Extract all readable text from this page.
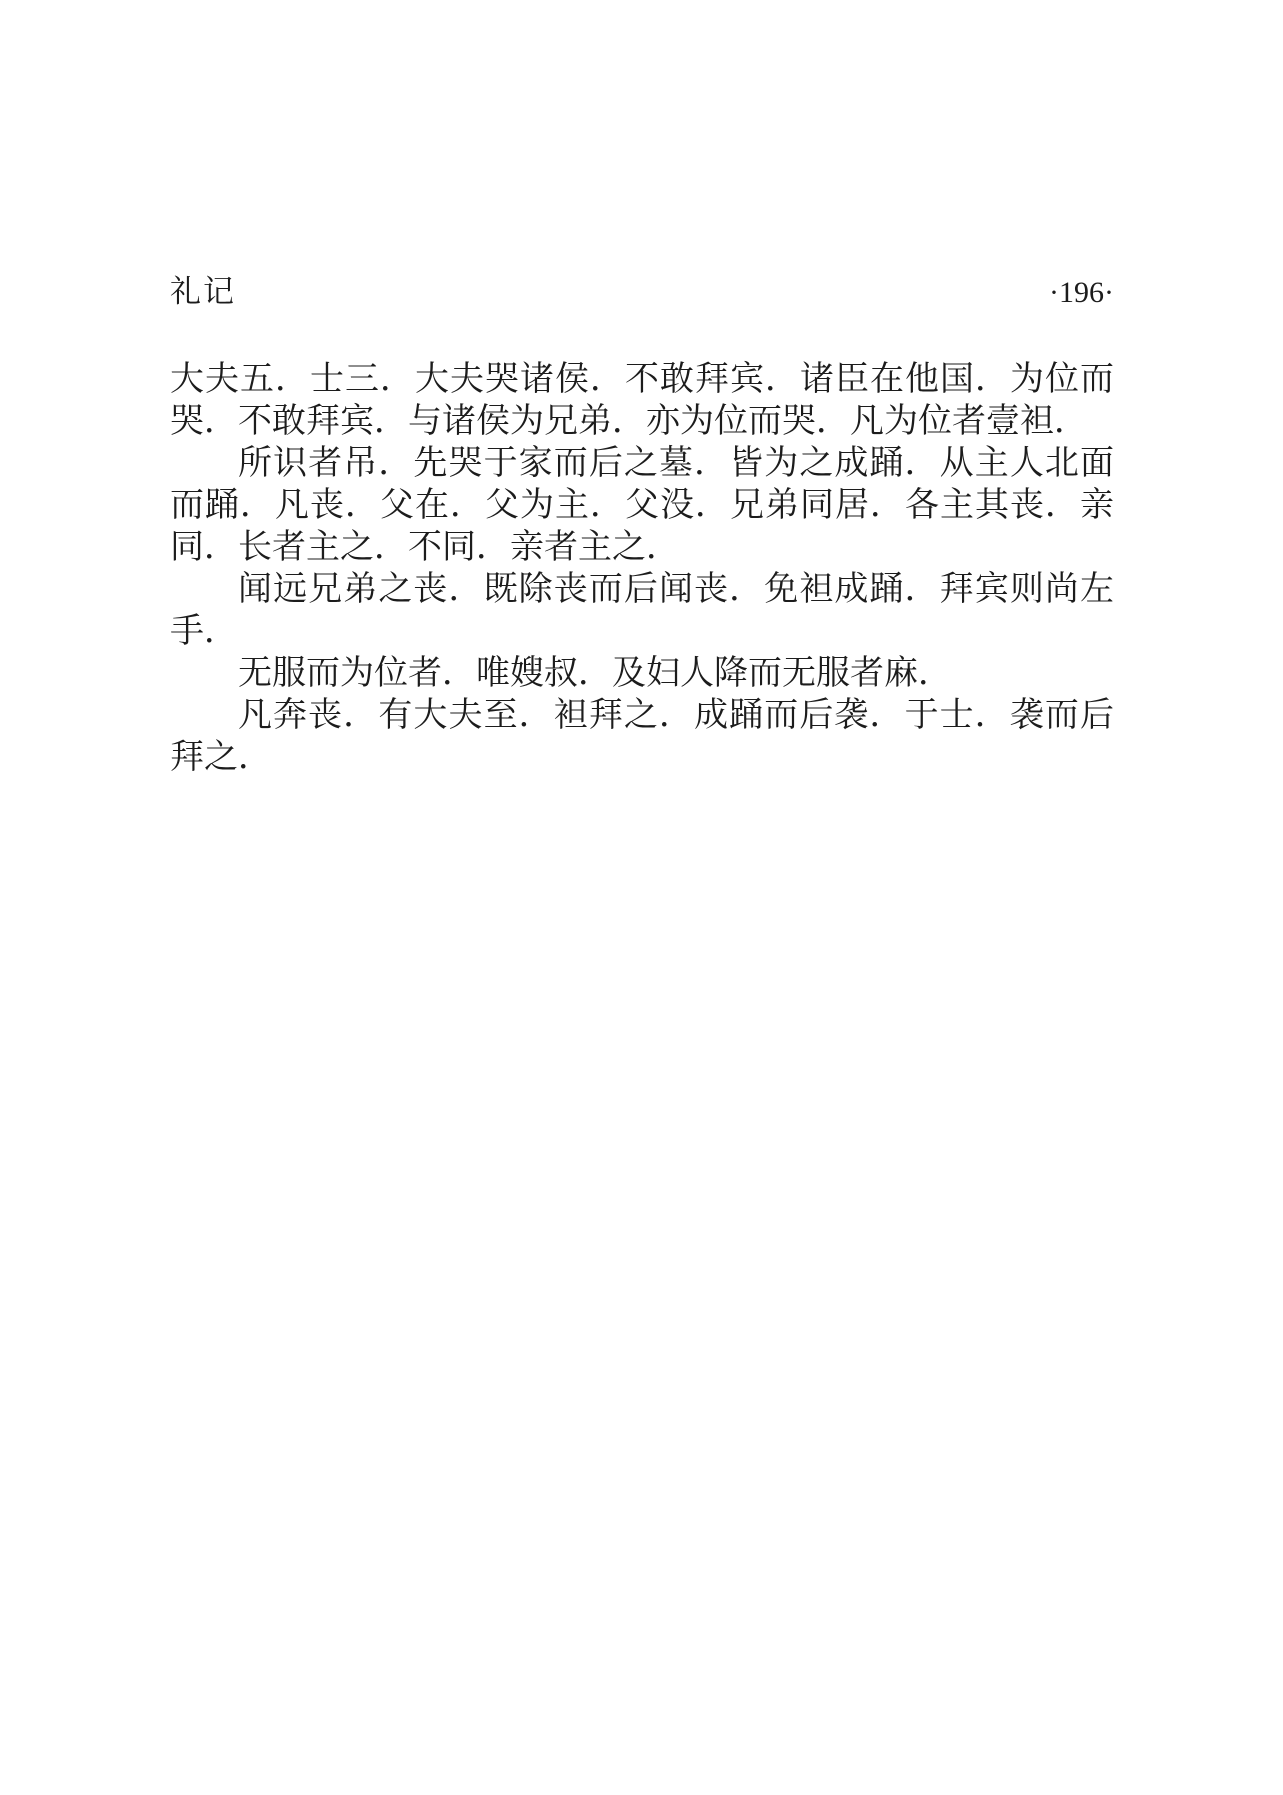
礼记	·196·

大夫五．士三．大夫哭诸侯．不敢拜宾．诸臣在他国．为位而哭．不敢拜宾．与诸侯为兄弟．亦为位而哭．凡为位者壹袒．

所识者吊．先哭于家而后之墓．皆为之成踊．从主人北面而踊．凡丧．父在．父为主．父没．兄弟同居．各主其丧．亲同．长者主之．不同．亲者主之．

闻远兄弟之丧．既除丧而后闻丧．免袒成踊．拜宾则尚左手．

无服而为位者．唯嫂叔．及妇人降而无服者麻．

凡奔丧．有大夫至．袒拜之．成踊而后袭．于士．袭而后拜之．
